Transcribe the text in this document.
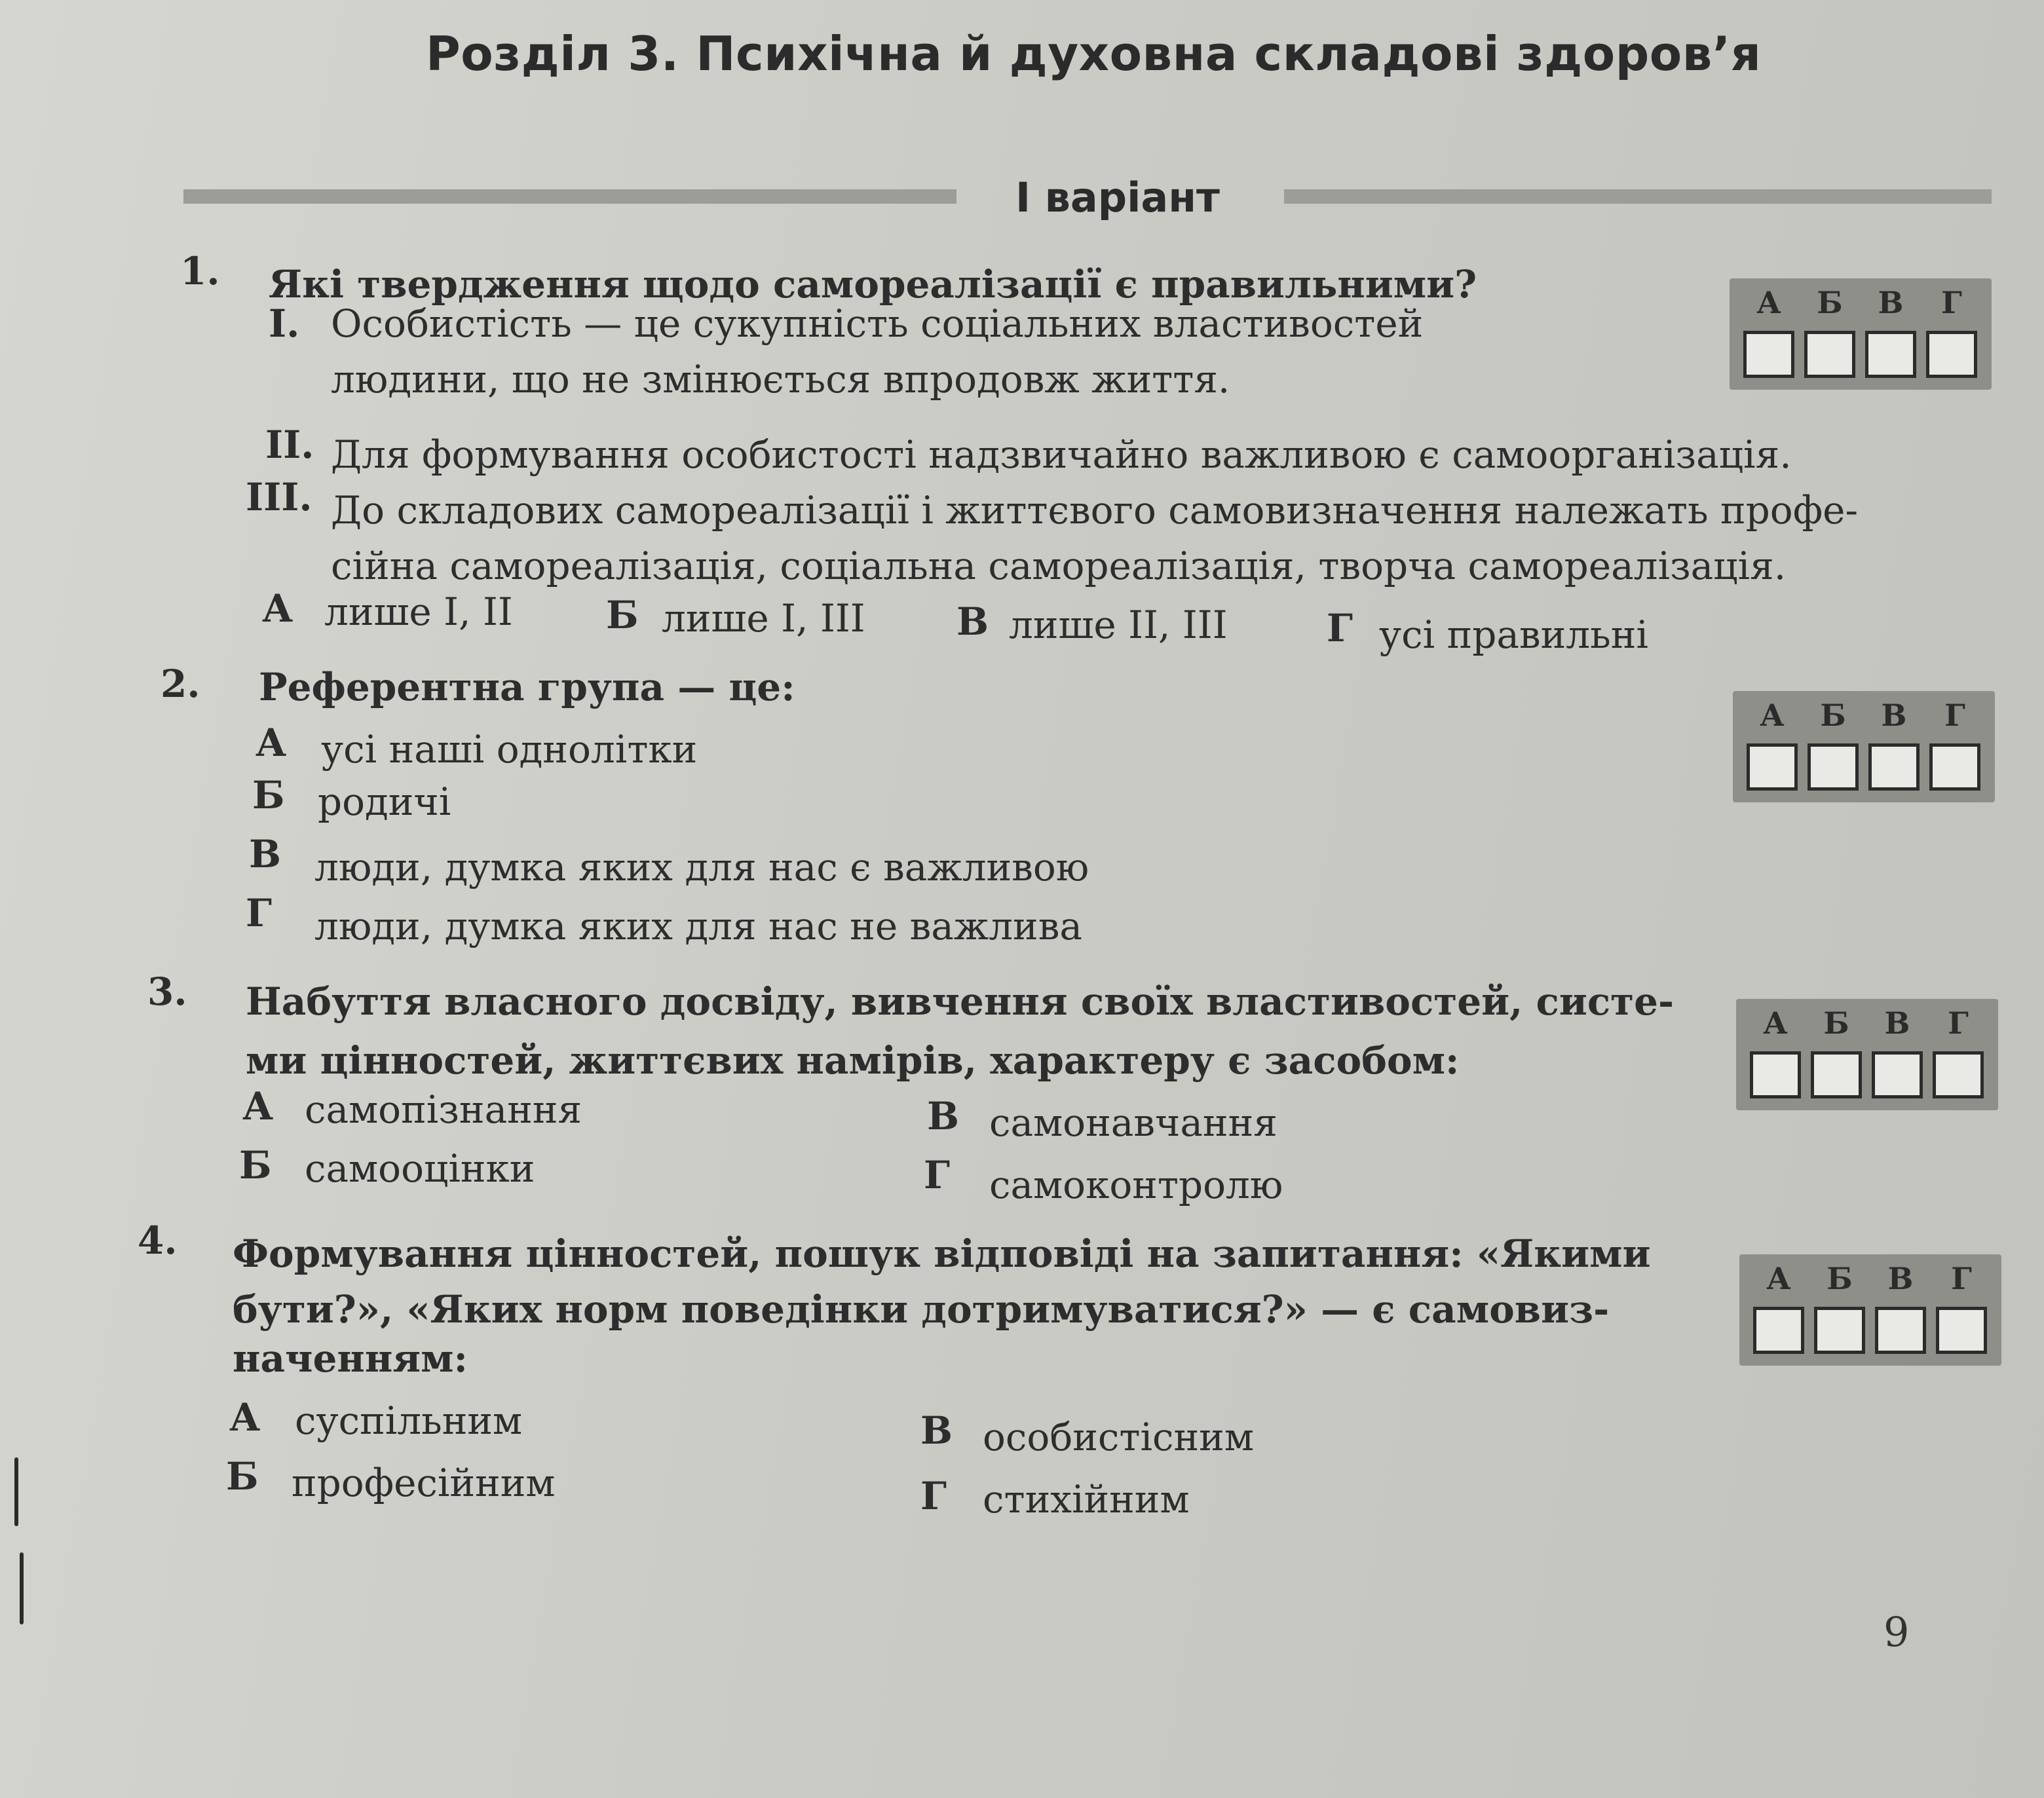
Розділ 3. Психічна й духовна складові здоров’я
I варіант
1. Які твердження щодо самореалізації є правильними?
I. Особистість — це сукупність соціальних властивостей
людини, що не змінюється впродовж життя.
II. Для формування особистості надзвичайно важливою є самоорганізація.
III. До складових самореалізації і життєвого самовизначення належать профе-
сійна самореалізація, соціальна самореалізація, творча самореалізація.
А лише I, II Б лише I, III В лише II, III	Г усі правильні
А	Б	В	Г
2. Референтна група — це:
А усі наші однолітки
Б родичі
В люди, думка яких для нас є важливою
Г люди, думка яких для нас не важлива
А	Б	В	Г
3. Набуття власного досвіду, вивчення своїх властивостей, систе-
ми цінностей, життєвих намірів, характеру є засобом:
А самопізнання
Б самооцінки
В самонавчання
Г самоконтролю
А	Б	В	Г
4. Формування цінностей, пошук відповіді на запитання: «Якими
бути?», «Яких норм поведінки дотримуватися?» — є самовиз-
наченням:
А суспільним
Б професійним
В особистісним
Г стихійним
А	Б	В	Г
9
